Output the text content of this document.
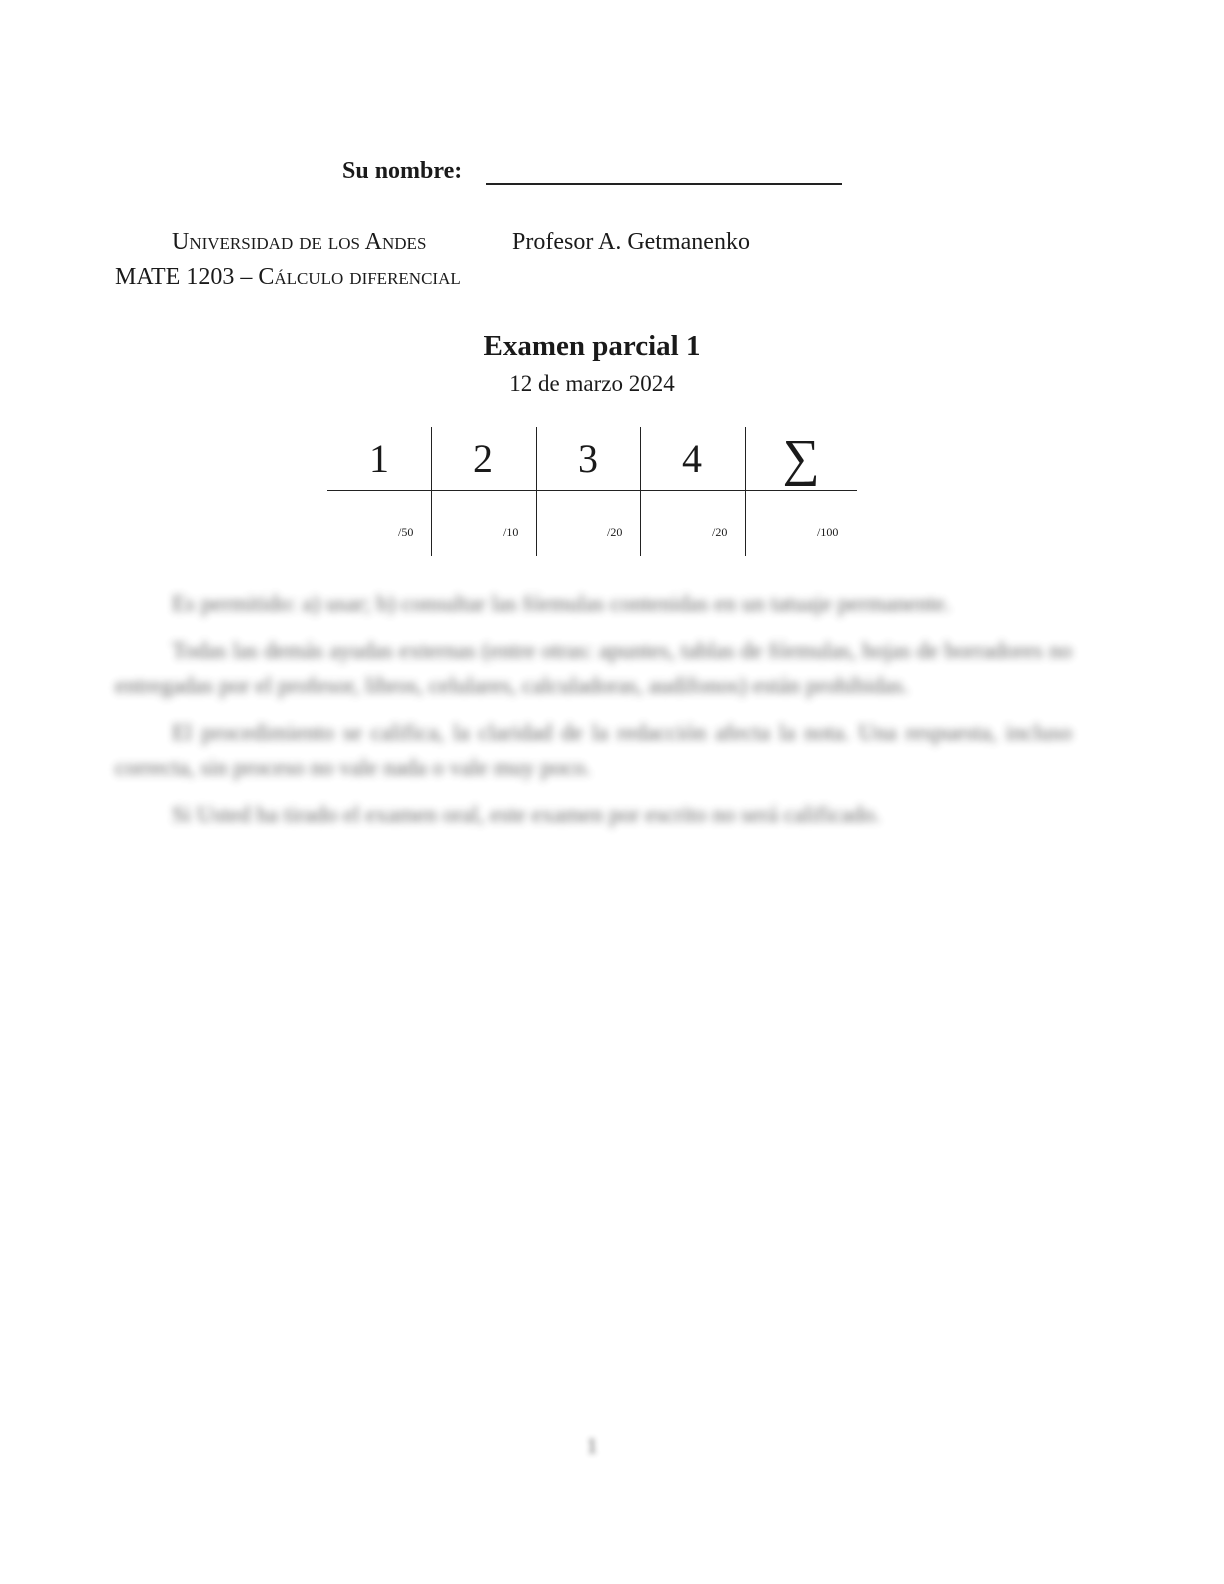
Su nombre:
Universidad de los Andes	Profesor A. Getmanenko
MATE 1203 – Cálculo diferencial
Examen parcial 1
12 de marzo 2024
1	2	3	4	∑
/50	/10	/20	/20	/100

Es permitido: a) usar; b) consultar las fórmulas contenidas en un tatuaje permanente.

Todas las demás ayudas externas (entre otras: apuntes, tablas de fórmulas, hojas de borradores no entregadas por el profesor, libros, celulares, calculadoras, audífonos) están prohibidas.

El procedimiento se califica, la claridad de la redacción afecta la nota. Una respuesta, incluso correcta, sin proceso no vale nada o vale muy poco.

Si Usted ha tirado el examen oral, este examen por escrito no será calificado.

1
